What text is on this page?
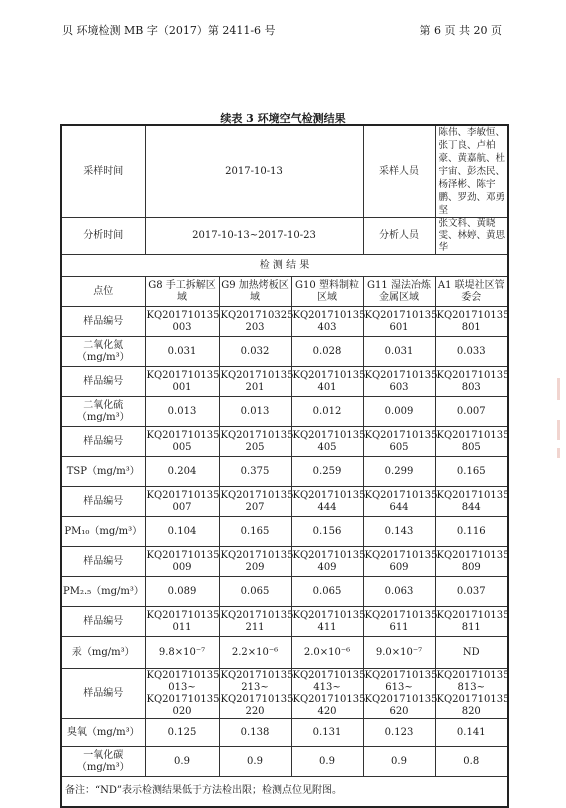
贝 环境检测 MB 字（2017）第 2411-6 号	第 6 页 共 20 页
续表 3 环境空气检测结果
采样时间	2017-10-13			采样人员	陈伟、李敏恒、张丁良、卢柏豪、黄嘉航、杜宇宙、彭杰民、杨泽彬、陈宇鹏、罗劲、邓勇坚
分析时间	2017-10-13~2017-10-23			分析人员	张文科、黄晓雯、林婷、黄思华
检 测 结 果					
点位	G8 手工拆解区域	G9 加热烤板区域	G10 塑料制粒区域	G11 湿法冶炼金属区域	A1 联堤社区管委会
样品编号	KQ201710135 003	KQ201710325 203	KQ201710135 403	KQ201710135 601	KQ201710135 801
二氧化氮（mg/m³）	0.031	0.032	0.028	0.031	0.033
样品编号	KQ201710135 001	KQ201710135 201	KQ201710135 401	KQ201710135 603	KQ201710135 803
二氧化硫（mg/m³）	0.013	0.013	0.012	0.009	0.007
样品编号	KQ201710135 005	KQ201710135 205	KQ201710135 405	KQ201710135 605	KQ201710135 805
TSP（mg/m³）	0.204	0.375	0.259	0.299	0.165
样品编号	KQ201710135 007	KQ201710135 207	KQ201710135 444	KQ201710135 644	KQ201710135 844
PM₁₀（mg/m³）	0.104	0.165	0.156	0.143	0.116
样品编号	KQ201710135 009	KQ201710135 209	KQ201710135 409	KQ201710135 609	KQ201710135 809
PM₂.₅（mg/m³）	0.089	0.065	0.065	0.063	0.037
样品编号	KQ201710135 011	KQ201710135 211	KQ201710135 411	KQ201710135 611	KQ201710135 811
汞（mg/m³）	9.8×10⁻⁷	2.2×10⁻⁶	2.0×10⁻⁶	9.0×10⁻⁷	ND
样品编号	KQ201710135 013~ KQ201710135 020	KQ201710135 213~ KQ201710135 220	KQ201710135 413~ KQ201710135 420	KQ201710135 613~ KQ201710135 620	KQ201710135 813~ KQ201710135 820
臭氧（mg/m³）	0.125	0.138	0.131	0.123	0.141
一氧化碳（mg/m³）	0.9	0.9	0.9	0.9	0.8
备注：“ND”表示检测结果低于方法检出限；检测点位见附图。					
